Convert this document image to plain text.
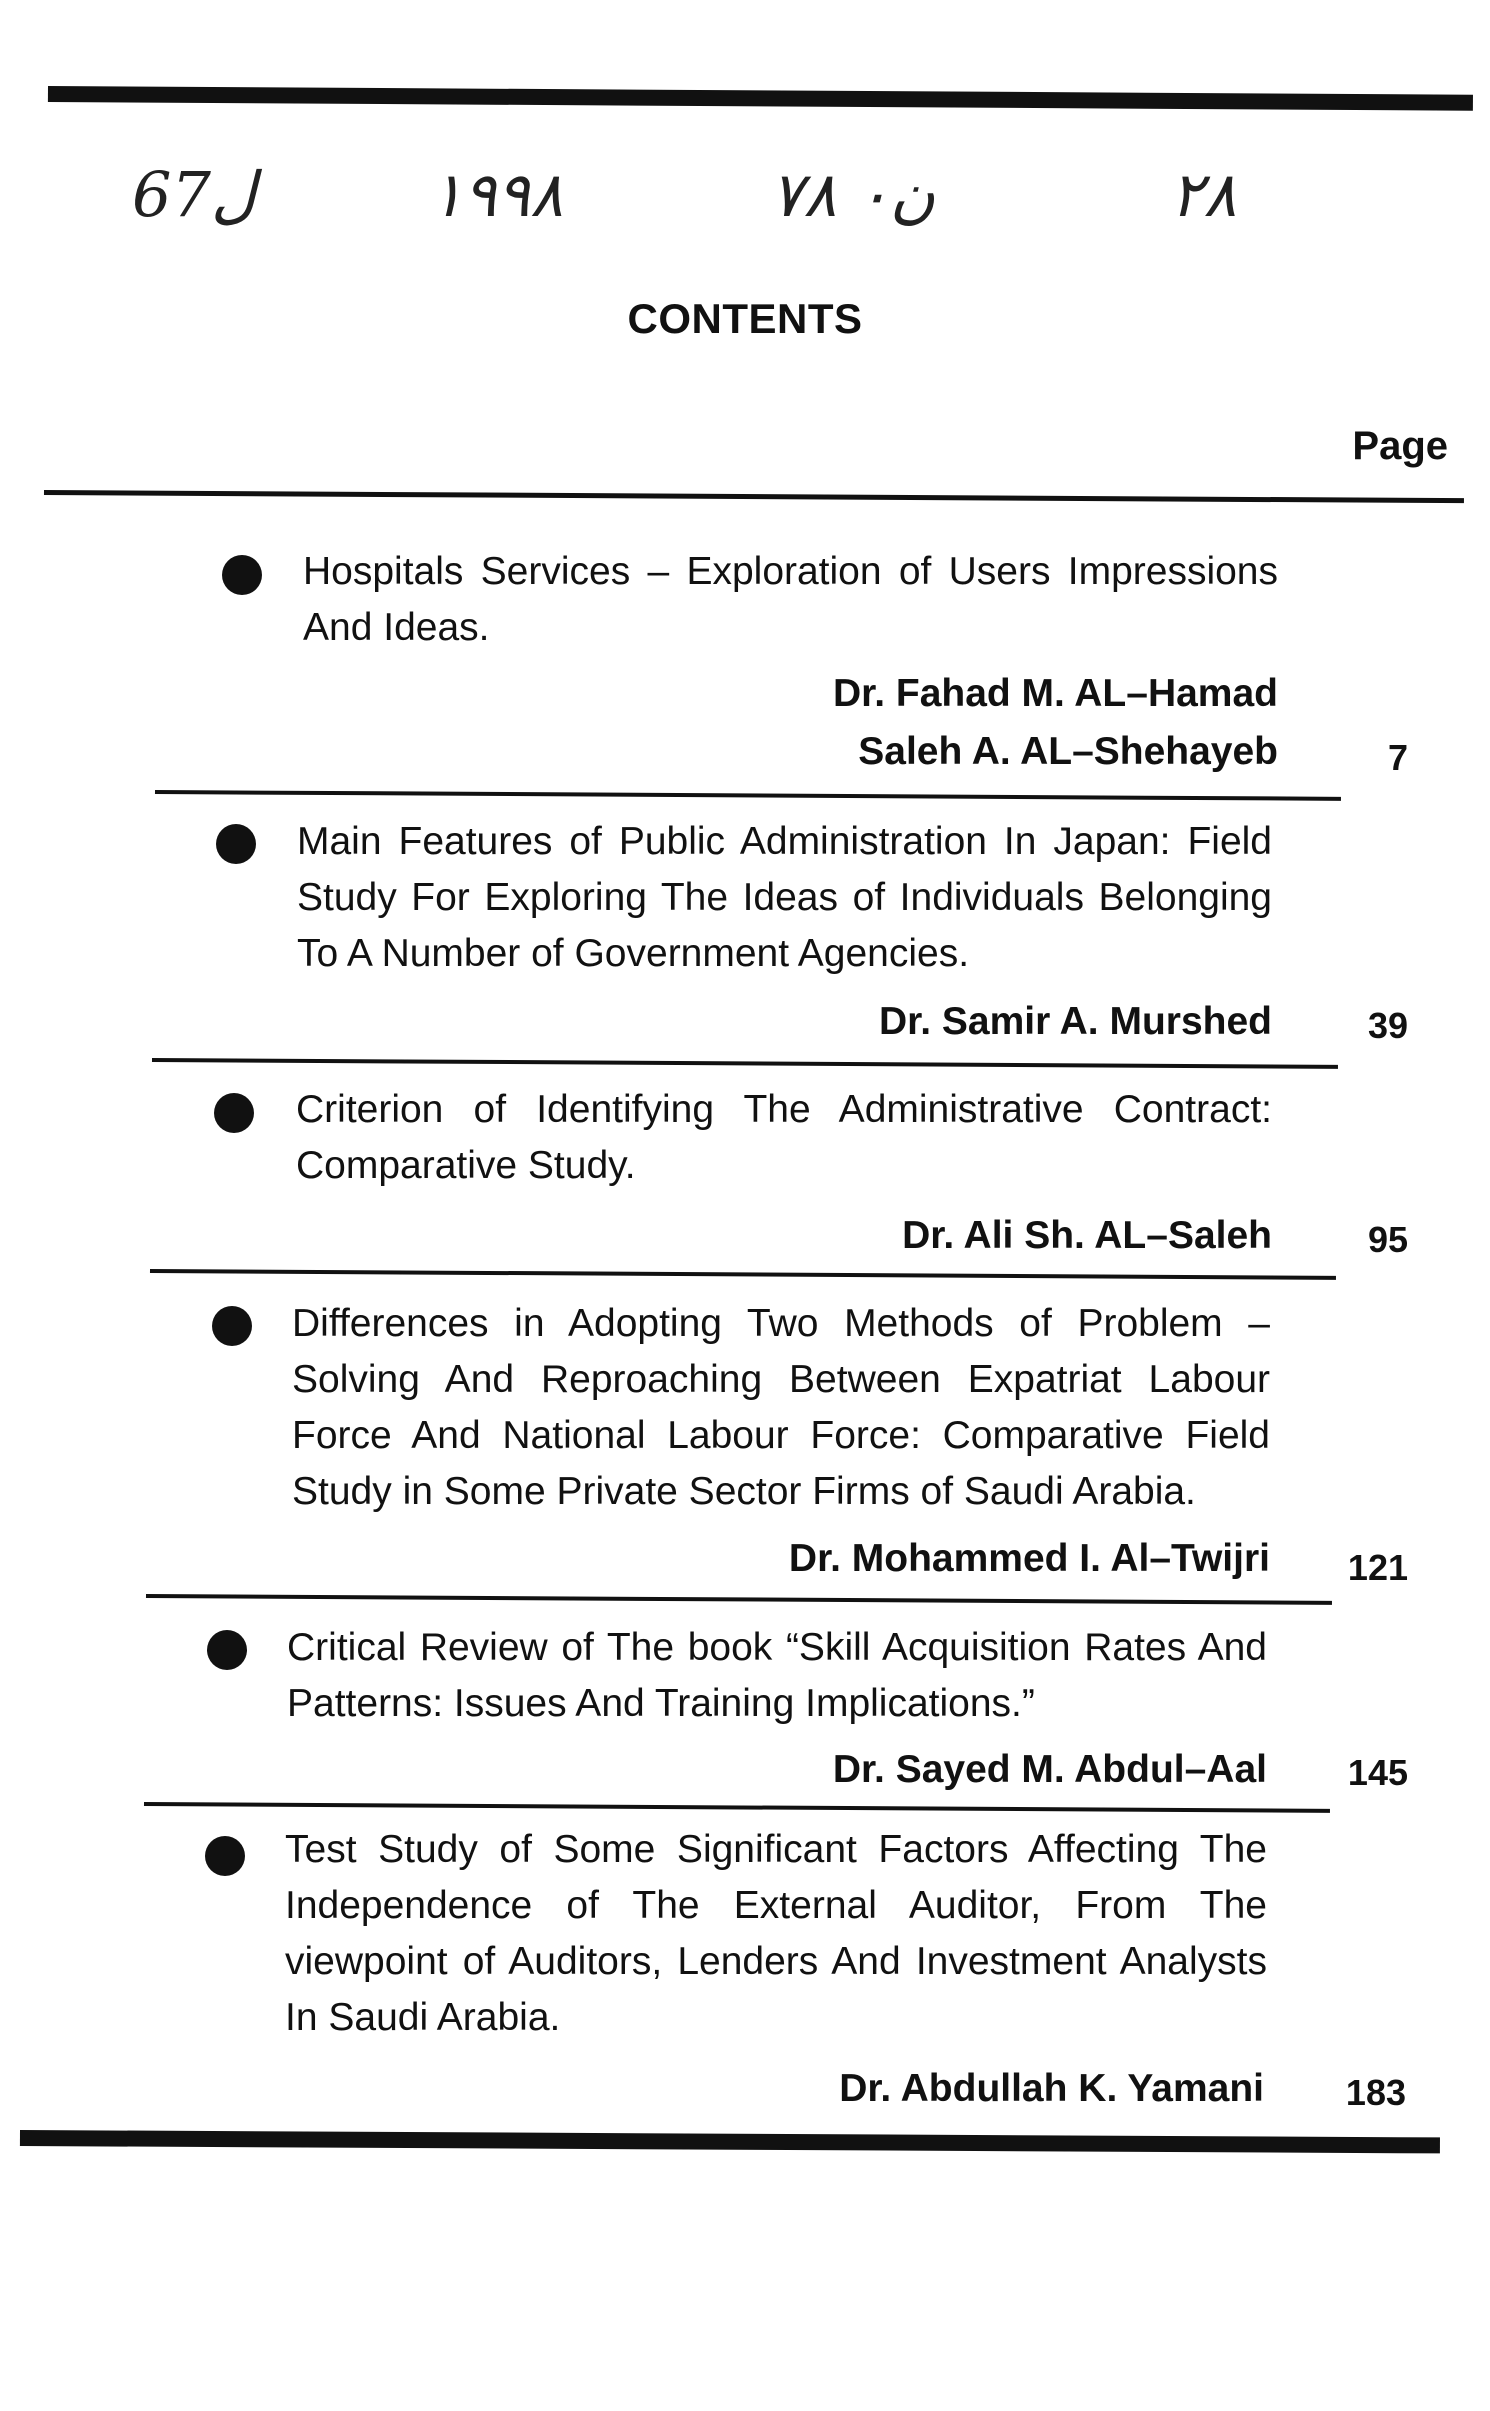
67ل	١٩٩٨	ن٠ ٧٨	٢٨
CONTENTS
Page
Hospitals Services – Exploration of Users Impressions And Ideas.
Dr. Fahad M. AL–Hamad
Saleh A. AL–Shehayeb	7
Main Features of Public Administration In Japan: Field Study For Exploring The Ideas of Individuals Belonging To A Number of Government Agencies.
Dr. Samir A. Murshed	39
Criterion of Identifying The Administrative Contract: Comparative Study.
Dr. Ali Sh. AL–Saleh	95
Differences in Adopting Two Methods of Problem – Solving And Reproaching Between Expatriat Labour Force And National Labour Force: Comparative Field Study in Some Private Sector Firms of Saudi Arabia.
Dr. Mohammed I. Al–Twijri	121
Critical Review of The book “Skill Acquisition Rates And Patterns: Issues And Training Implications.”
Dr. Sayed M. Abdul–Aal	145
Test Study of Some Significant Factors Affecting The Independence of The External Auditor, From The viewpoint of Auditors, Lenders And Investment Analysts In Saudi Arabia.
Dr. Abdullah K. Yamani	183
